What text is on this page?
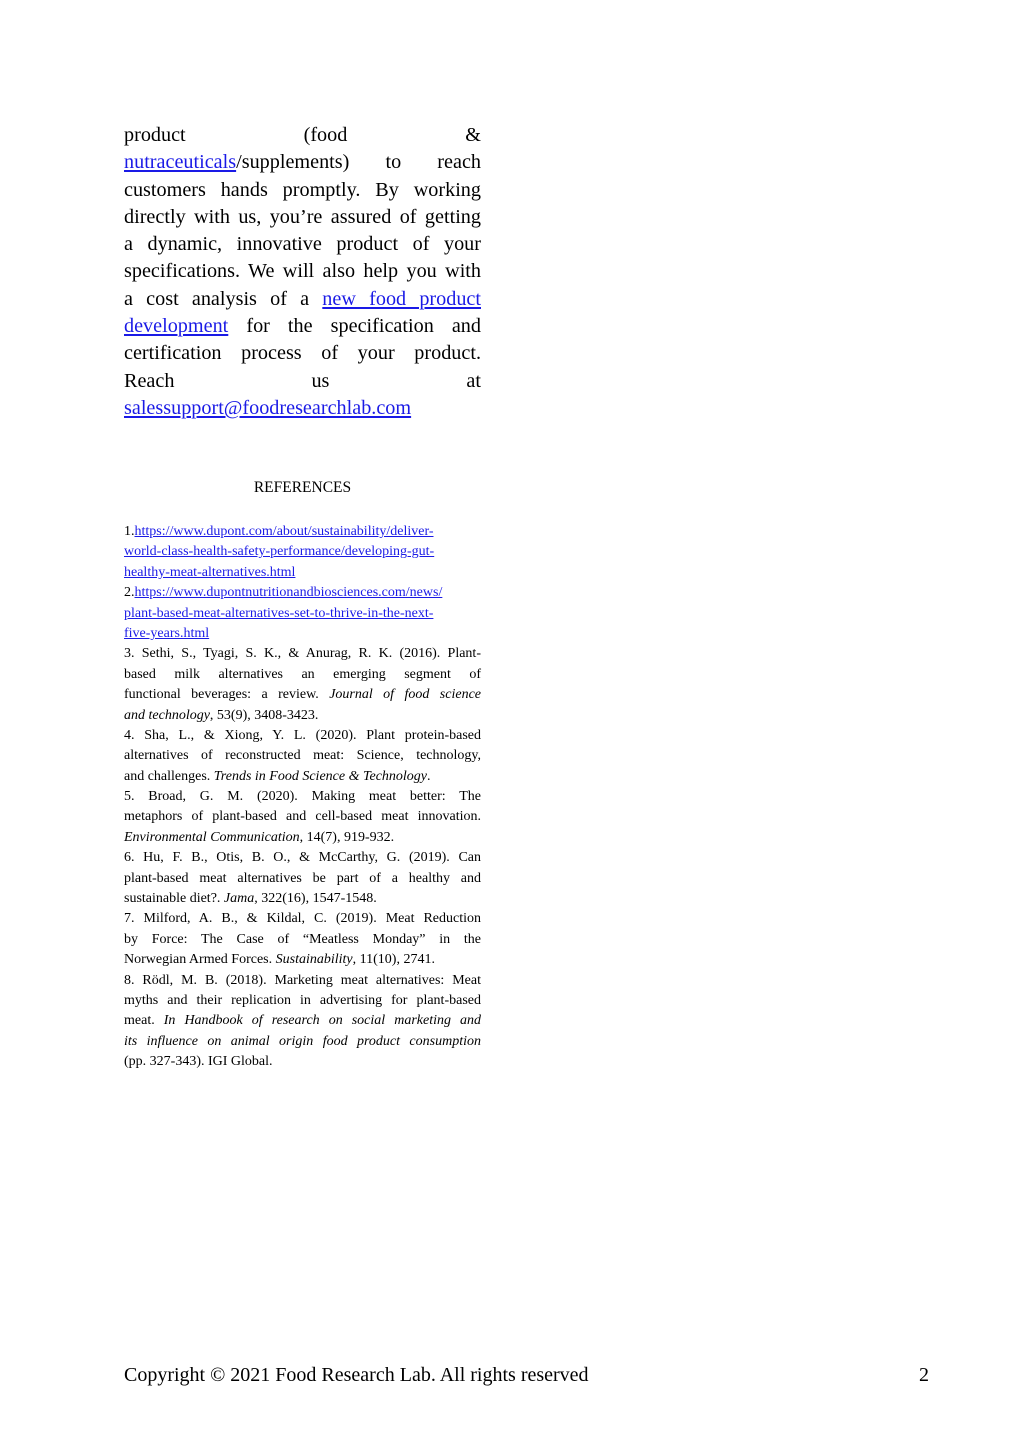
product	(food	&
nutraceuticals/supplements) to reach
customers hands promptly. By working
directly with us, you’re assured of getting
a dynamic, innovative product of your
specifications. We will also help you with
a cost analysis of a new food product
development for the specification and
certification process of your product.
Reach	us	at
salessupport@foodresearchlab.com
REFERENCES
1. https://www.dupont.com/about/sustainability/deliver-
world-class-health-safety-performance/developing-gut-
healthy-meat-alternatives.html
2. https://www.dupontnutritionandbiosciences.com/news/
plant-based-meat-alternatives-set-to-thrive-in-the-next-
five-years.html
3. Sethi, S., Tyagi, S. K., & Anurag, R. K. (2016). Plant-
based milk alternatives an emerging segment of
functional beverages: a review. Journal of food science
and technology , 53(9), 3408-3423.
4. Sha, L., & Xiong, Y. L. (2020). Plant protein-based
alternatives of reconstructed meat: Science, technology,
and challenges.
Trends in Food Science & Technology .
5. Broad, G. M. (2020). Making meat better: The
metaphors of plant-based and cell-based meat innovation.
Environmental Communication , 14(7), 919-932.
6. Hu, F. B., Otis, B. O., & McCarthy, G. (2019). Can
plant-based meat alternatives be part of a healthy and
sustainable diet?.
Jama , 322(16), 1547-1548.
7. Milford, A. B., & Kildal, C. (2019). Meat Reduction
by Force: The Case of “Meatless Monday” in the
Norwegian Armed Forces.
Sustainability , 11(10), 2741.
8. Rödl, M. B. (2018). Marketing meat alternatives: Meat
myths and their replication in advertising for plant-based
meat. In Handbook of research on social marketing and
its influence on animal origin food product consumption
(pp. 327-343). IGI Global.
Copyright © 2021 Food Research Lab. All rights reserved	2
